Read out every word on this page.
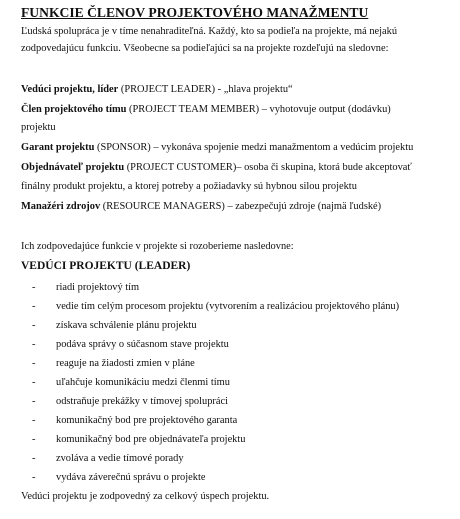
FUNKCIE ČLENOV PROJEKTOVÉHO MANAŽMENTU
Ľudská spolupráca je v tíme nenahraditeľná. Každý, kto sa podieľa na projekte, má nejakú
zodpovedajúcu funkciu. Všeobecne sa podieľajúci sa na projekte rozdeľujú na sledovne:
Vedúci projektu, líder (PROJECT LEADER) - „hlava projektu“
Člen projektového tímu (PROJECT TEAM MEMBER) – vyhotovuje output (dodávku)
projektu
Garant projektu (SPONSOR) – vykonáva spojenie medzi manažmentom a vedúcim projektu
Objednávateľ projektu (PROJECT CUSTOMER)– osoba či skupina, ktorá bude akceptovať
finálny produkt projektu, a ktorej potreby a požiadavky sú hybnou silou projektu
Manažéri zdrojov (RESOURCE MANAGERS) – zabezpečujú zdroje (najmä ľudské)
Ich zodpovedajúce funkcie v projekte si rozoberieme nasledovne:
VEDÚCI PROJEKTU (LEADER)
- riadi projektový tím
- vedie tím celým procesom projektu (vytvorením a realizáciou projektového plánu)
- získava schválenie plánu projektu
- podáva správy o súčasnom stave projektu
- reaguje na žiadosti zmien v pláne
- uľahčuje komunikáciu medzi členmi tímu
- odstraňuje prekážky v tímovej spolupráci
- komunikačný bod pre projektového garanta
- komunikačný bod pre objednávateľa projektu
- zvoláva a vedie tímové porady
- vydáva záverečnú správu o projekte
Vedúci projektu je zodpovedný za celkový úspech projektu.
